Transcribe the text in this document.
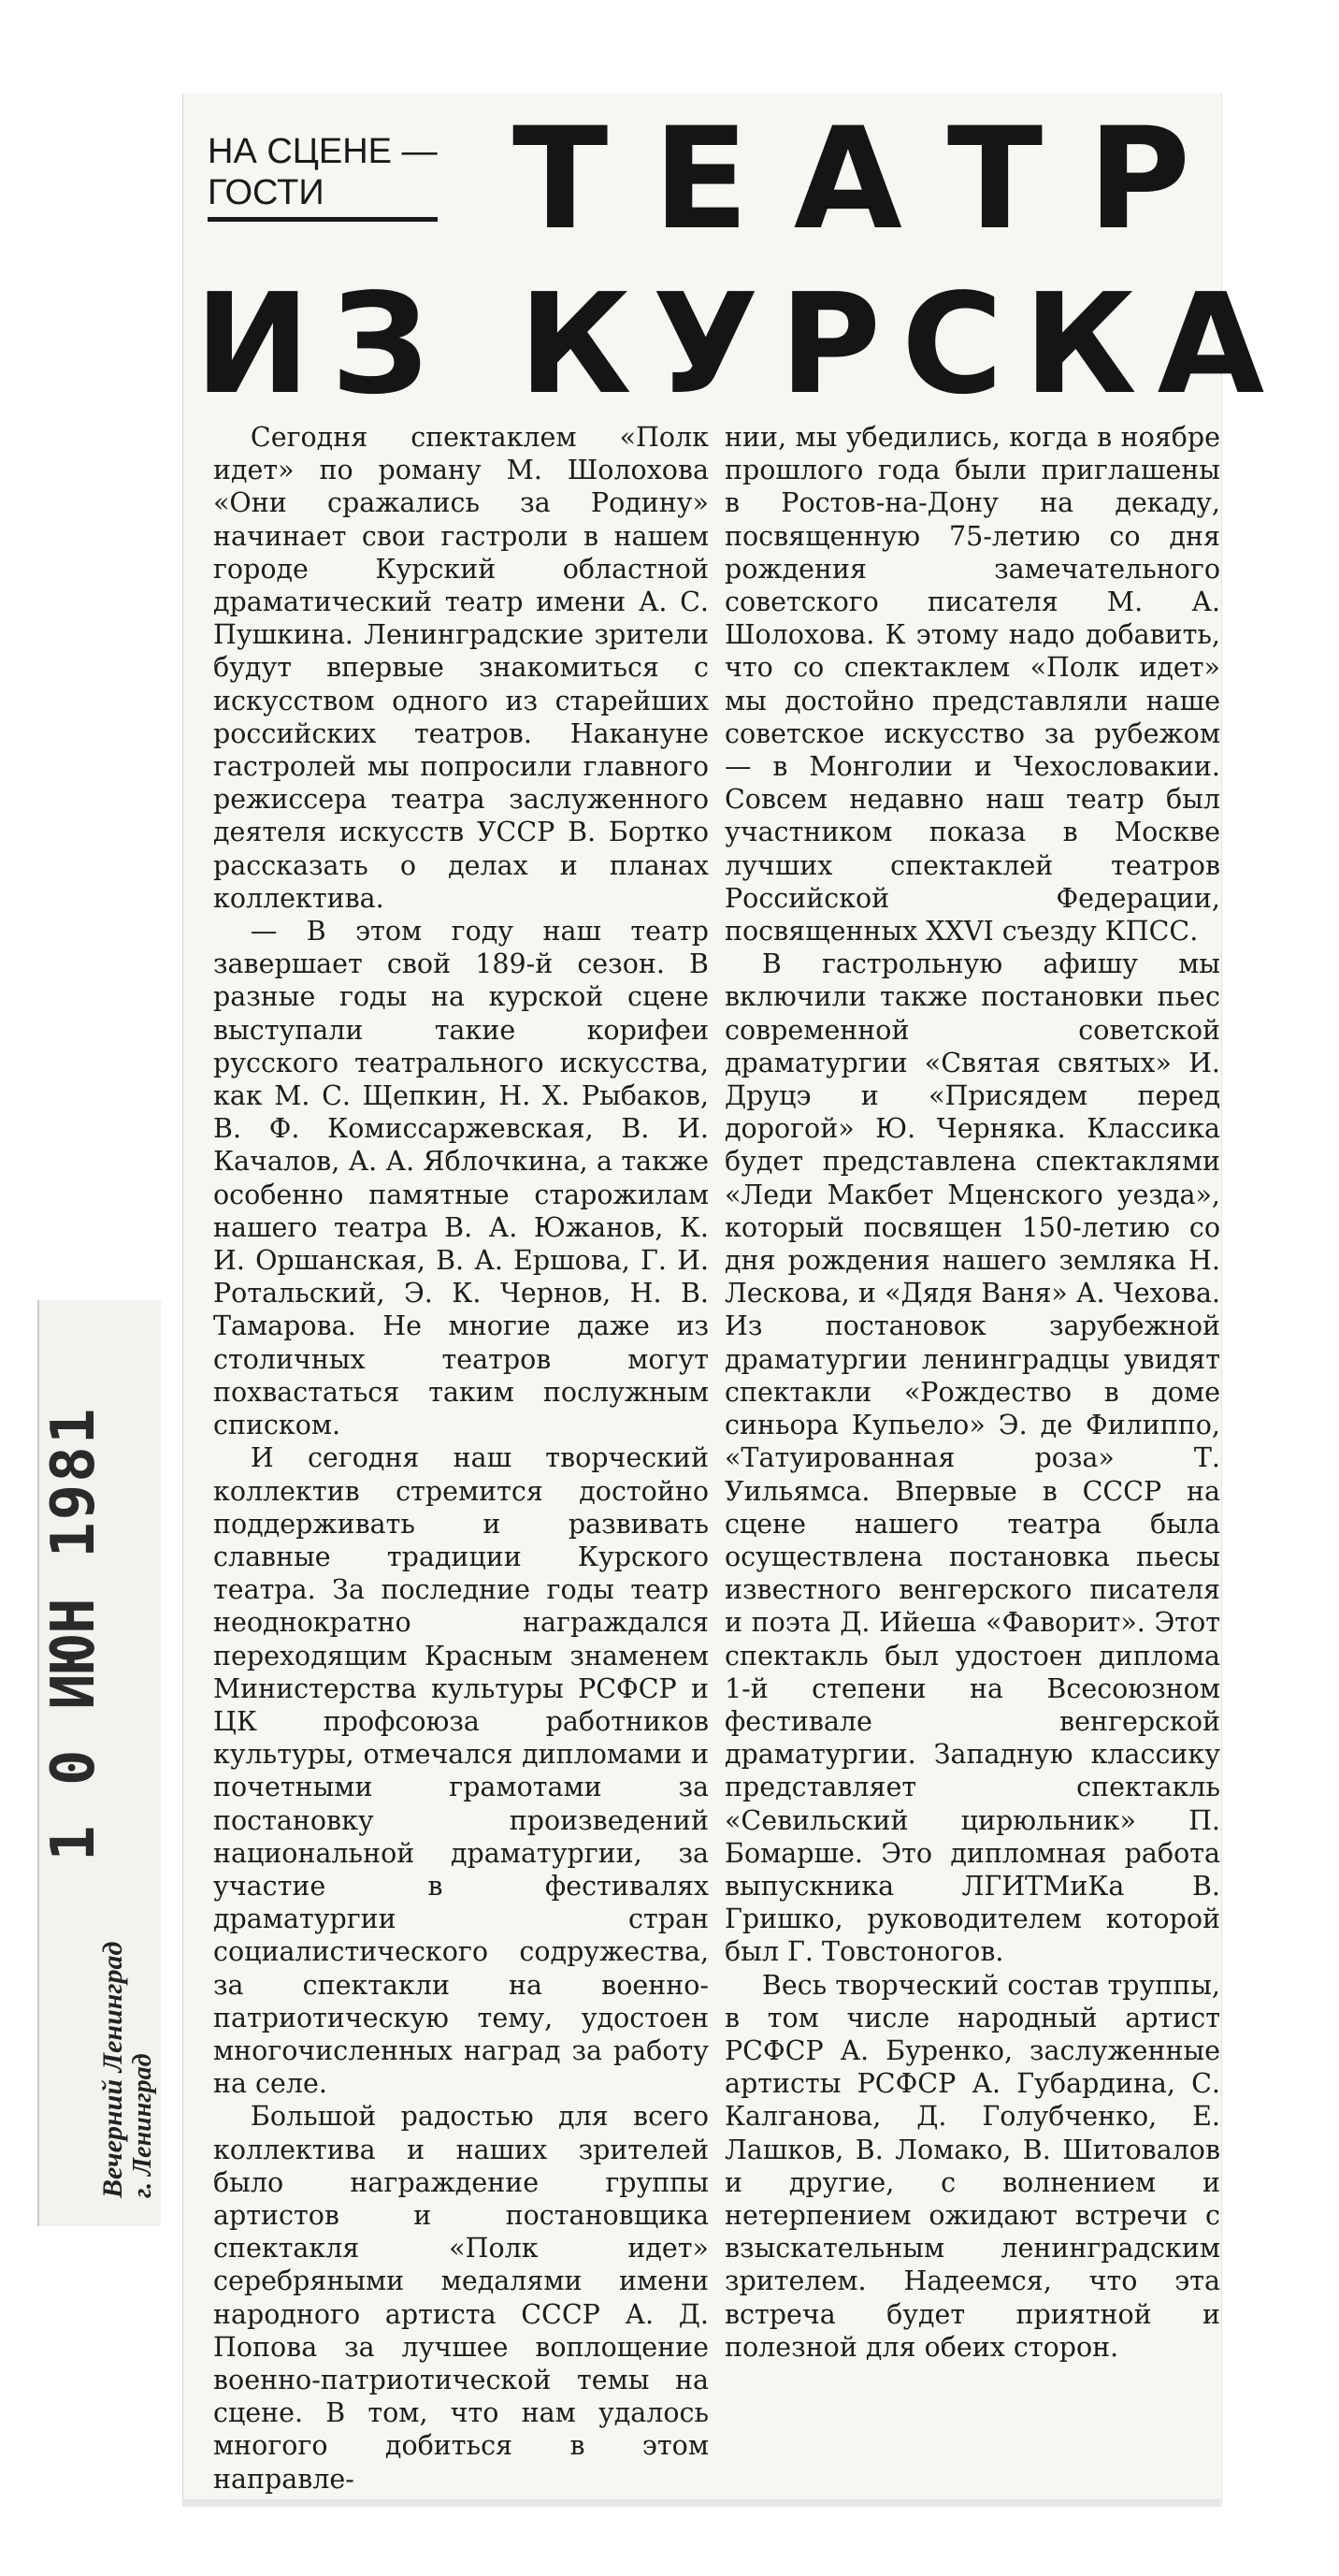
1 0 ИЮН 1981
Вечерний Ленинград г. Ленинград
НА СЦЕНЕ —
ГОСТИ	ТЕАТР
ИЗ КУРСКА

Сегодня спектаклем «Полк идет» по роману М. Шолохова «Они сражались за Родину» начинает свои гастроли в нашем городе Курский областной драматический театр имени А. С. Пушкина. Ленинградские зрители будут впервые знакомиться с искусством одного из старейших российских театров. Накануне гастролей мы попросили главного режиссера театра заслуженного деятеля искусств УССР В. Бортко рассказать о делах и планах коллектива.

— В этом году наш театр завершает свой 189-й сезон. В разные годы на курской сцене выступали такие корифеи русского театрального искусства, как М. С. Щепкин, Н. Х. Рыбаков, В. Ф. Комиссаржевская, В. И. Качалов, А. А. Яблочкина, а также особенно памятные старожилам нашего театра В. А. Южанов, К. И. Оршанская, В. А. Ершова, Г. И. Ротальский, Э. К. Чернов, Н. В. Тамарова. Не многие даже из столичных театров могут похвастаться таким послужным списком.

И сегодня наш творческий коллектив стремится достойно поддерживать и развивать славные традиции Курского театра. За последние годы театр неоднократно награждался переходящим Красным знаменем Министерства культуры РСФСР и ЦК профсоюза работников культуры, отмечался дипломами и почетными грамотами за постановку произведений национальной драматургии, за участие в фестивалях драматургии стран социалистического содружества, за спектакли на военно-патриотическую тему, удостоен многочисленных наград за работу на селе.

Большой радостью для всего коллектива и наших зрителей было награждение группы артистов и постановщика спектакля «Полк идет» серебряными медалями имени народного артиста СССР А. Д. Попова за лучшее воплощение военно-патриотической темы на сцене. В том, что нам удалось многого добиться в этом направле-

нии, мы убедились, когда в ноябре прошлого года были приглашены в Ростов-на-Дону на декаду, посвященную 75-летию со дня рождения замечательного советского писателя М. А. Шолохова. К этому надо добавить, что со спектаклем «Полк идет» мы достойно представляли наше советское искусство за рубежом — в Монголии и Чехословакии. Совсем недавно наш театр был участником показа в Москве лучших спектаклей театров Российской Федерации, посвященных XXVI съезду КПСС.

В гастрольную афишу мы включили также постановки пьес современной советской драматургии «Святая святых» И. Друцэ и «Присядем перед дорогой» Ю. Черняка. Классика будет представлена спектаклями «Леди Макбет Мценского уезда», который посвящен 150-летию со дня рождения нашего земляка Н. Лескова, и «Дядя Ваня» А. Чехова. Из постановок зарубежной драматургии ленинградцы увидят спектакли «Рождество в доме синьора Купьело» Э. де Филиппо, «Татуированная роза» Т. Уильямса. Впервые в СССР на сцене нашего театра была осуществлена постановка пьесы известного венгерского писателя и поэта Д. Ийеша «Фаворит». Этот спектакль был удостоен диплома 1-й степени на Всесоюзном фестивале венгерской драматургии. Западную классику представляет спектакль «Севильский цирюльник» П. Бомарше. Это дипломная работа выпускника ЛГИТМиКа В. Гришко, руководителем которой был Г. Товстоногов.

Весь творческий состав труппы, в том числе народный артист РСФСР А. Буренко, заслуженные артисты РСФСР А. Губардина, С. Калганова, Д. Голубченко, Е. Лашков, В. Ломако, В. Шитовалов и другие, с волнением и нетерпением ожидают встречи с взыскательным ленинградским зрителем. Надеемся, что эта встреча будет приятной и полезной для обеих сторон.
